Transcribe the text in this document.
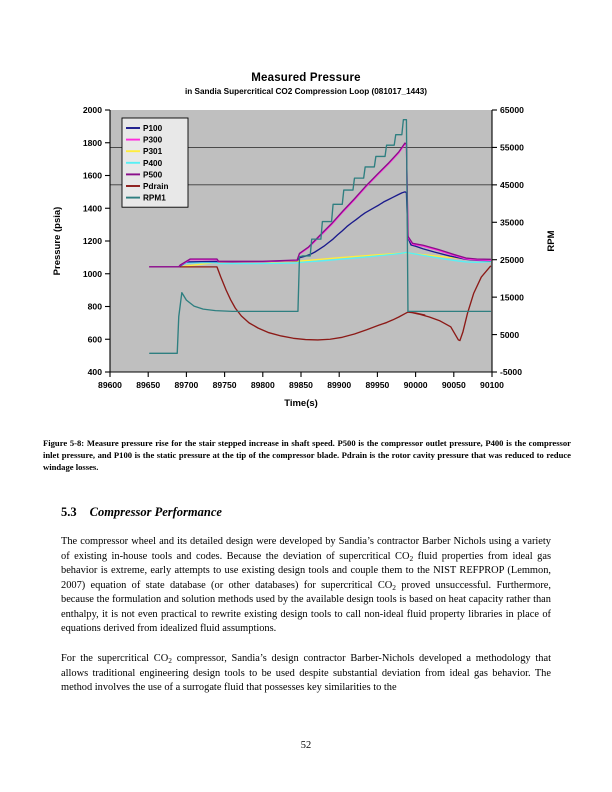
Measured Pressure
in Sandia Supercritical CO2 Compression Loop (081017_1443)
400
600
800
1000
1200
1400
1600
1800
2000
Pressure (psia)
-5000
5000
15000
25000
35000
45000
55000
65000
RPM
89600 89650 89700 89750 89800 89850 89900 89950 90000 90050 90100
Time(s)
P100
P300
P301
P400
P500
Pdrain
RPM1
Figure 5-8: Measure pressure rise for the stair stepped increase in shaft speed. P500 is the compressor outlet pressure, P400 is the compressor inlet pressure, and P100 is the static pressure at the tip of the compressor blade. Pdrain is the rotor cavity pressure that was reduced to reduce windage losses.
5.3 Compressor Performance
The compressor wheel and its detailed design were developed by Sandia’s contractor Barber Nichols using a variety of existing in-house tools and codes. Because the deviation of supercritical $CO_2$ fluid properties from ideal gas behavior is extreme, early attempts to use existing design tools and couple them to the NIST REFPROP (Lemmon, 2007) equation of state database (or other databases) for supercritical $CO_2$ proved unsuccessful. Furthermore, because the formulation and solution methods used by the available design tools is based on heat capacity rather than enthalpy, it is not even practical to rewrite existing design tools to call non-ideal fluid property libraries in place of equations derived from idealized fluid assumptions.
For the supercritical $CO_2$ compressor, Sandia’s design contractor Barber-Nichols developed a methodology that allows traditional engineering design tools to be used despite substantial deviation from ideal gas behavior. The method involves the use of a surrogate fluid that possesses key similarities to the
52
